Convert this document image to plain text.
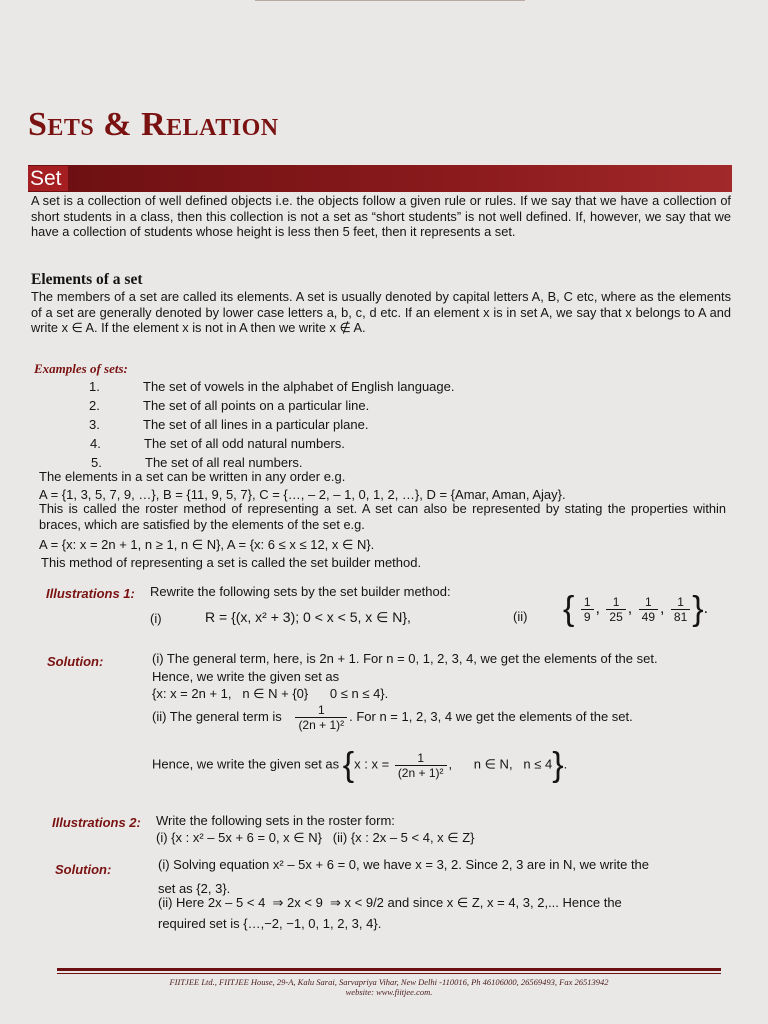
Sets & Relation
Set

A set is a collection of well defined objects i.e. the objects follow a given rule or rules. If we say that we have a collection of short students in a class, then this collection is not a set as “short students” is not well defined. If, however, we say that we have a collection of students whose height is less then 5 feet, then it represents a set.

Elements of a set

The members of a set are called its elements. A set is usually denoted by capital letters A, B, C etc, where as the elements of a set are generally denoted by lower case letters a, b, c, d etc. If an element x is in set A, we say that x belongs to A and write x ∈ A. If the element x is not in A then we write x ∉ A.

Examples of sets:
1.	The set of vowels in the alphabet of English language.
2.	The set of all points on a particular line.
3.	The set of all lines in a particular plane.
4.	The set of all odd natural numbers.
5.	The set of all real numbers.
The elements in a set can be written in any order e.g.
A = {1, 3, 5, 7, 9, …}, B = {11, 9, 5, 7}, C = {…, – 2, – 1, 0, 1, 2, …}, D = {Amar, Aman, Ajay}.

This is called the roster method of representing a set. A set can also be represented by stating the properties within braces, which are satisfied by the elements of the set e.g.

A = {x: x = 2n + 1, n ≥ 1, n ∈ N}, A = {x: 6 ≤ x ≤ 12, x ∈ N}.
This method of representing a set is called the set builder method.
Illustrations 1: Rewrite the following sets by the set builder method:
(i)	R = {(x, x² + 3); 0 < x < 5, x ∈ N},	(ii) { $\frac{1}{9}$ , $\frac{1}{25}$ , $\frac{1}{49}$ , $\frac{1}{81}$ }.
Solution:	(i) The general term, here, is 2n + 1. For n = 0, 1, 2, 3, 4, we get the elements of the set.
Hence, we write the given set as
{x: x = 2n + 1,   n ∈ N + {0}      0 ≤ n ≤ 4}.
(ii) The general term is $\frac{1}{\text{(2n + 1)²}}$ . For n = 1, 2, 3, 4 we get the elements of the set.
Hence, we write the given set as {x : $x = \frac{1}{\text{(2n + 1)²}}$ ,      n ∈ N,   n ≤ 4}.
Illustrations 2: Write the following sets in the roster form:
(i) {x : x² – 5x + 6 = 0, x ∈ N}   (ii) {x : 2x – 5 < 4, x ∈ Z}
Solution:	(i) Solving equation x² – 5x + 6 = 0, we have x = 3, 2. Since 2, 3 are in N, we write the
set as {2, 3}.
(ii) Here 2x – 5 < 4  ⇒ 2x < 9  ⇒ x < 9/2 and since x ∈ Z, x = 4, 3, 2,... Hence the
required set is {…,−2, −1, 0, 1, 2, 3, 4}.
FIITJEE Ltd., FIITJEE House, 29-A, Kalu Sarai, Sarvapriya Vihar, New Delhi -110016, Ph 46106000, 26569493, Fax 26513942
website: www.fiitjee.com.
